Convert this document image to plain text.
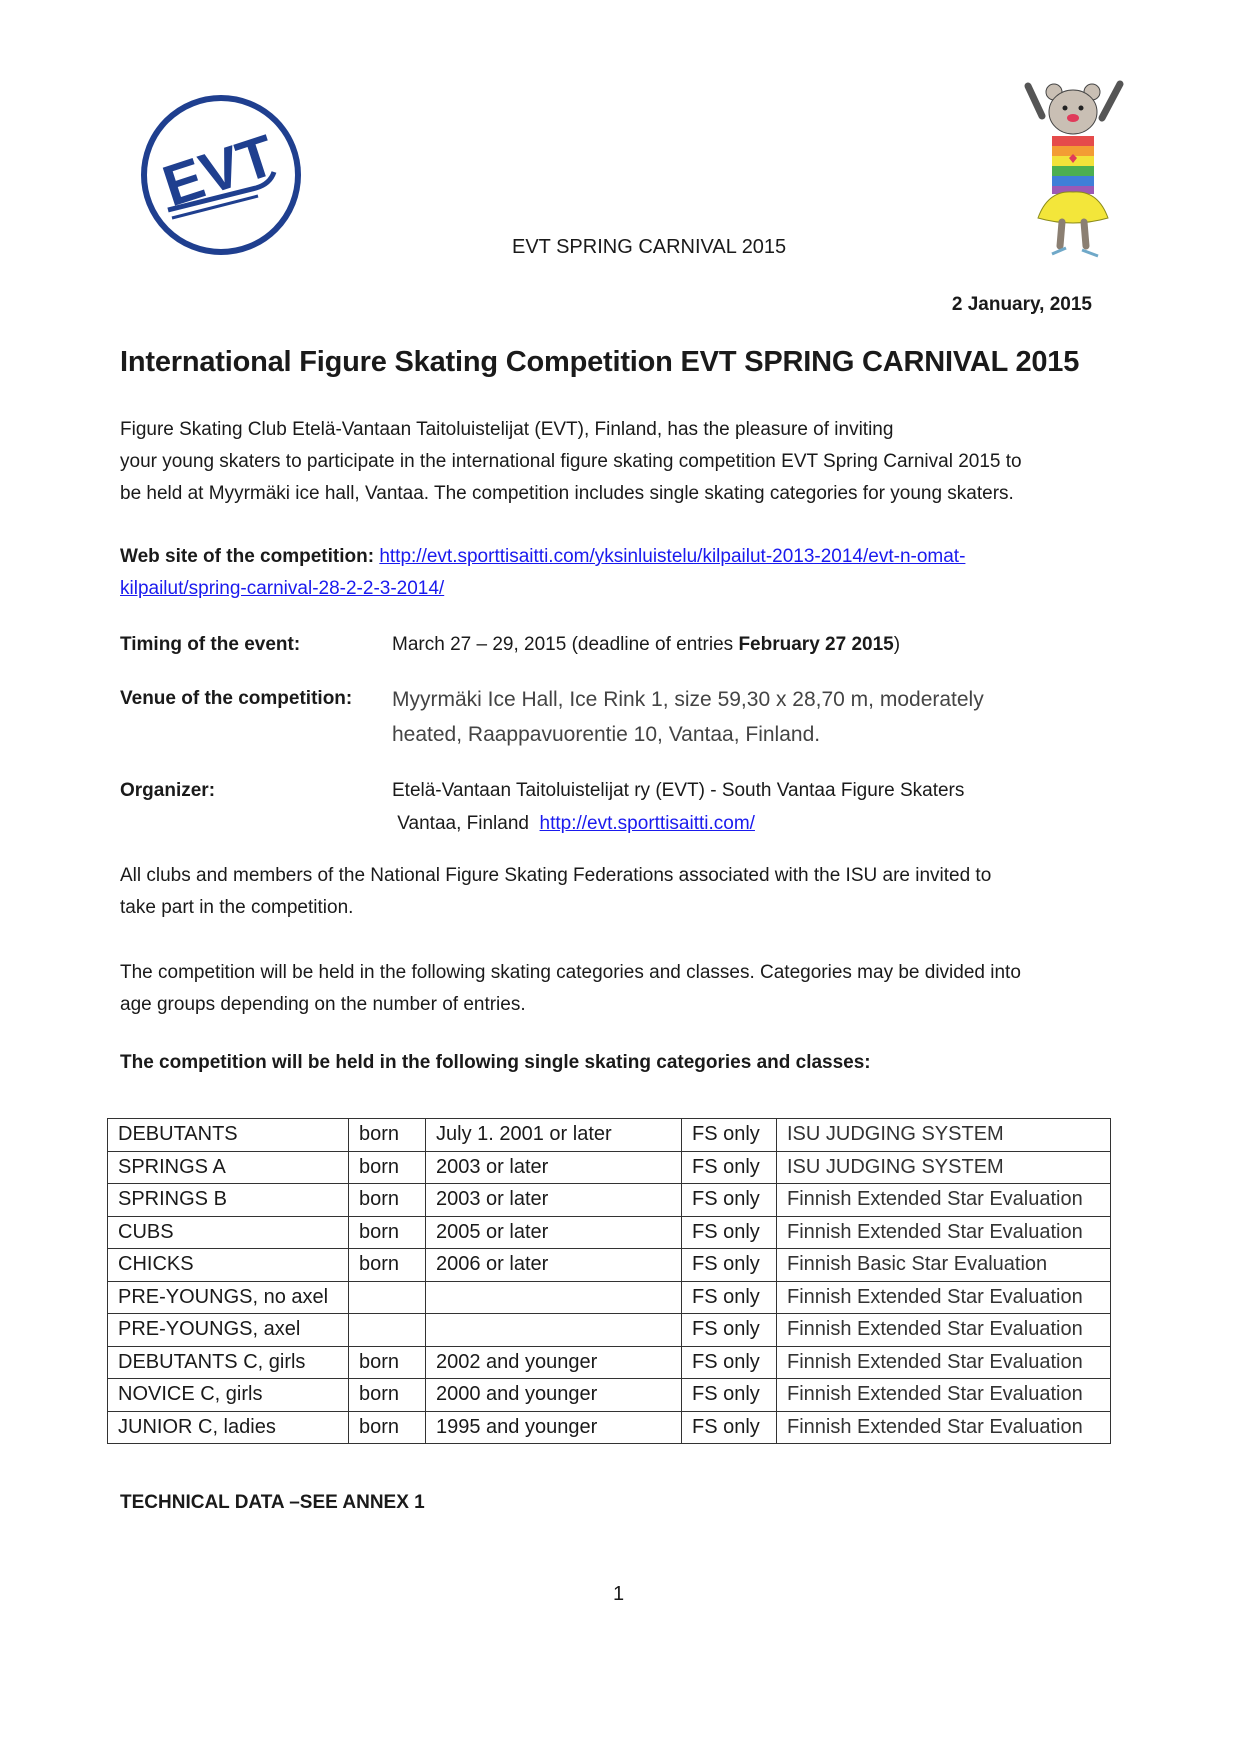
EVT
EVT SPRING CARNIVAL 2015
2 January, 2015
International Figure Skating Competition EVT SPRING CARNIVAL 2015
Figure Skating Club Etelä-Vantaan Taitoluistelijat (EVT), Finland, has the pleasure of inviting
your young skaters to participate in the international figure skating competition EVT Spring Carnival 2015 to
be held at Myyrmäki ice hall, Vantaa. The competition includes single skating categories for young skaters.
Web site of the competition: http://evt.sporttisaitti.com/yksinluistelu/kilpailut-2013-2014/evt-n-omat-
kilpailut/spring-carnival-28-2-2-3-2014/
Timing of the event:	March 27 – 29, 2015 (deadline of entries February 27 2015)
Venue of the competition: Myyrmäki Ice Hall, Ice Rink 1, size 59,30 x 28,70 m, moderately
heated, Raappavuorentie 10, Vantaa, Finland.
Organizer:	Etelä-Vantaan Taitoluistelijat ry (EVT) - South Vantaa Figure Skaters
Vantaa, Finland  http://evt.sporttisaitti.com/
All clubs and members of the National Figure Skating Federations associated with the ISU are invited to
take part in the competition.
The competition will be held in the following skating categories and classes. Categories may be divided into
age groups depending on the number of entries.
The competition will be held in the following single skating categories and classes:
DEBUTANTS	born	July 1. 2001 or later	FS only	ISU JUDGING SYSTEM
SPRINGS A	born	2003 or later	FS only	ISU JUDGING SYSTEM
SPRINGS B	born	2003 or later	FS only	Finnish Extended Star Evaluation
CUBS	born	2005 or later	FS only	Finnish Extended Star Evaluation
CHICKS	born	2006 or later	FS only	Finnish Basic Star Evaluation
PRE-YOUNGS, no axel			FS only	Finnish Extended Star Evaluation
PRE-YOUNGS, axel			FS only	Finnish Extended Star Evaluation
DEBUTANTS C, girls	born	2002 and younger	FS only	Finnish Extended Star Evaluation
NOVICE C, girls	born	2000 and younger	FS only	Finnish Extended Star Evaluation
JUNIOR C, ladies	born	1995 and younger	FS only	Finnish Extended Star Evaluation
TECHNICAL DATA –SEE ANNEX 1
1
